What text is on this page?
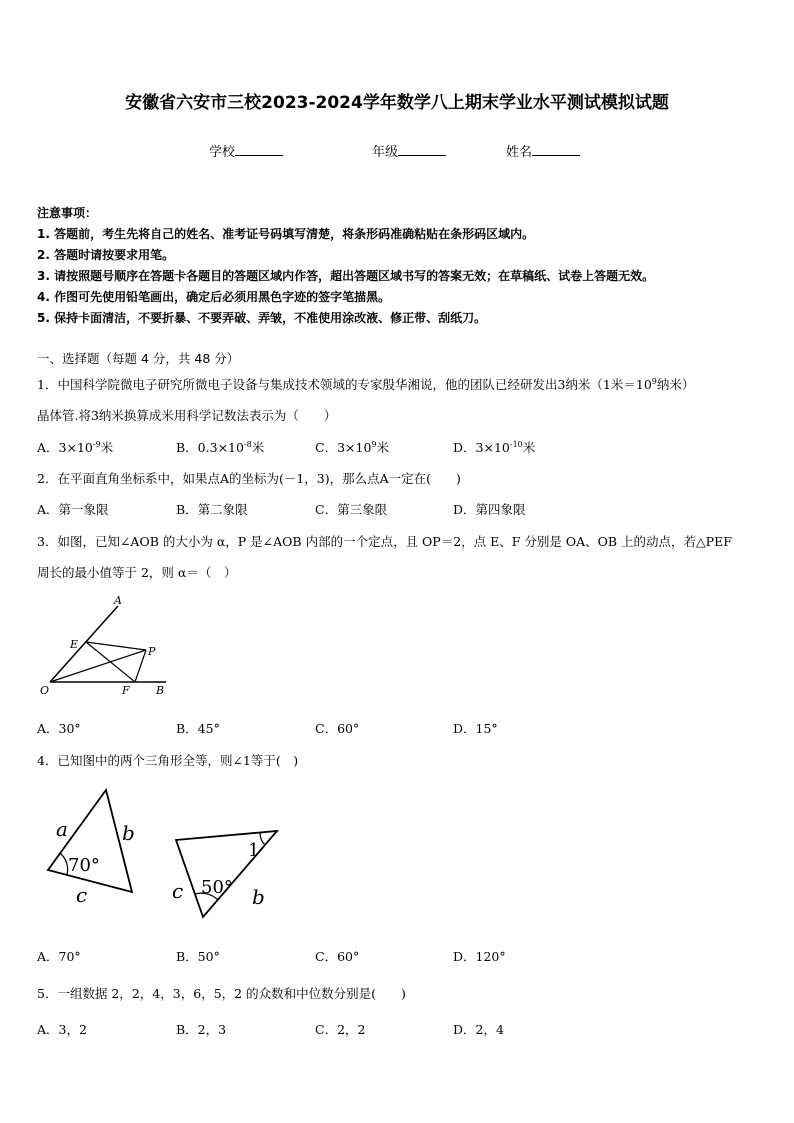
安徽省六安市三校2023-2024学年数学八上期末学业水平测试模拟试题
学校	年级	姓名
注意事项：
1. 答题前，考生先将自己的姓名、准考证号码填写清楚，将条形码准确粘贴在条形码区域内。
2. 答题时请按要求用笔。
3. 请按照题号顺序在答题卡各题目的答题区域内作答，超出答题区域书写的答案无效；在草稿纸、试卷上答题无效。
4. 作图可先使用铅笔画出，确定后必须用黑色字迹的签字笔描黑。
5. 保持卡面清洁，不要折暴、不要弄破、弄皱，不准使用涂改液、修正带、刮纸刀。
一、选择题（每题 4 分，共 48 分）
1．中国科学院微电子研究所微电子设备与集成技术领域的专家殷华湘说，他的团队已经研发出3纳米（1米$=10^9$纳米）
晶体管.将3纳米换算成米用科学记数法表示为（　　）
A．$3\times 10^{-9}$米	B．$0.3\times 10^{-8}$米	C．$3\times 10^9$米	D．$3\times 10^{-10}$米
2．在平面直角坐标系中，如果点A的坐标为(－1，3)，那么点A一定在(　　)
A．第一象限	B．第二象限	C．第三象限	D．第四象限
3．如图，已知∠AOB 的大小为 α，P 是∠AOB 内部的一个定点，且 OP＝2，点 E、F 分别是 OA、OB 上的动点，若△PEF
周长的最小值等于 2，则 α＝（　）
A
E
P
O	F B
A．30°	B．45°	C．60°	D．15°
4．已知图中的两个三角形全等，则∠1等于(　)
a	b
70°
c
1
c 50° b
A．70°	B．50°	C．60°	D．120°
5．一组数据 2，2，4，3，6，5，2 的众数和中位数分别是(　　)
A．3，2	B．2，3	C．2，2	D．2，4
